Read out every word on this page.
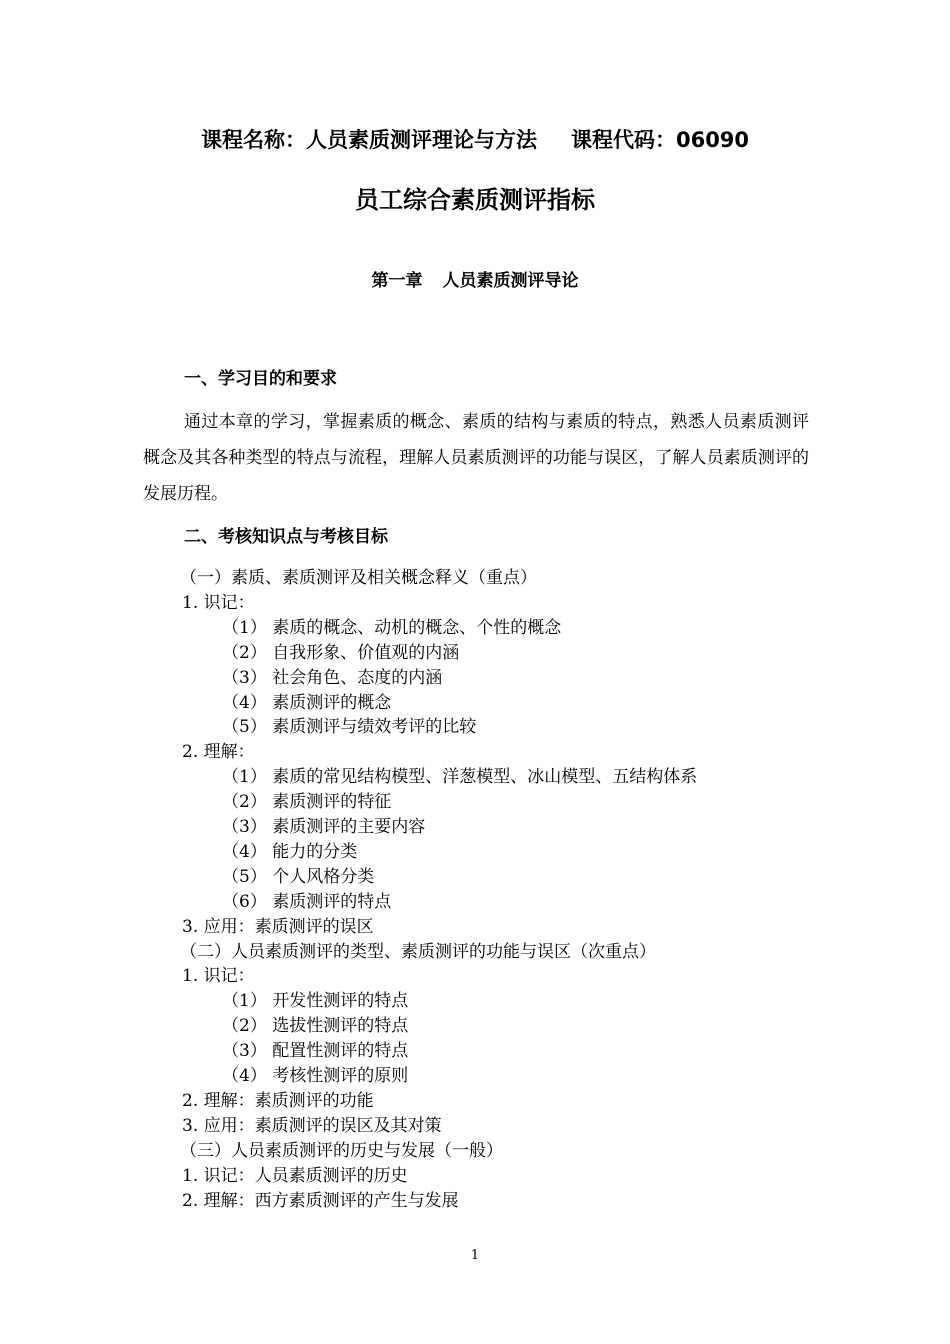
课程名称：人员素质测评理论与方法 课程代码：06090
员工综合素质测评指标
第一章 人员素质测评导论
一、学习目的和要求
通过本章的学习，掌握素质的概念、素质的结构与素质的特点，熟悉人员素质测评概念及其各种类型的特点与流程，理解人员素质测评的功能与误区，了解人员素质测评的发展历程。
二、考核知识点与考核目标
（一）素质、素质测评及相关概念释义（重点）
1. 识记：
（1） 素质的概念、动机的概念、个性的概念
（2） 自我形象、价值观的内涵
（3） 社会角色、态度的内涵
（4） 素质测评的概念
（5） 素质测评与绩效考评的比较
2. 理解：
（1） 素质的常见结构模型、洋葱模型、冰山模型、五结构体系
（2） 素质测评的特征
（3） 素质测评的主要内容
（4） 能力的分类
（5） 个人风格分类
（6） 素质测评的特点
3. 应用：素质测评的误区
（二）人员素质测评的类型、素质测评的功能与误区（次重点）
1. 识记：
（1） 开发性测评的特点
（2） 选拔性测评的特点
（3） 配置性测评的特点
（4） 考核性测评的原则
2. 理解：素质测评的功能
3. 应用：素质测评的误区及其对策
（三）人员素质测评的历史与发展（一般）
1. 识记：人员素质测评的历史
2. 理解：西方素质测评的产生与发展
1
